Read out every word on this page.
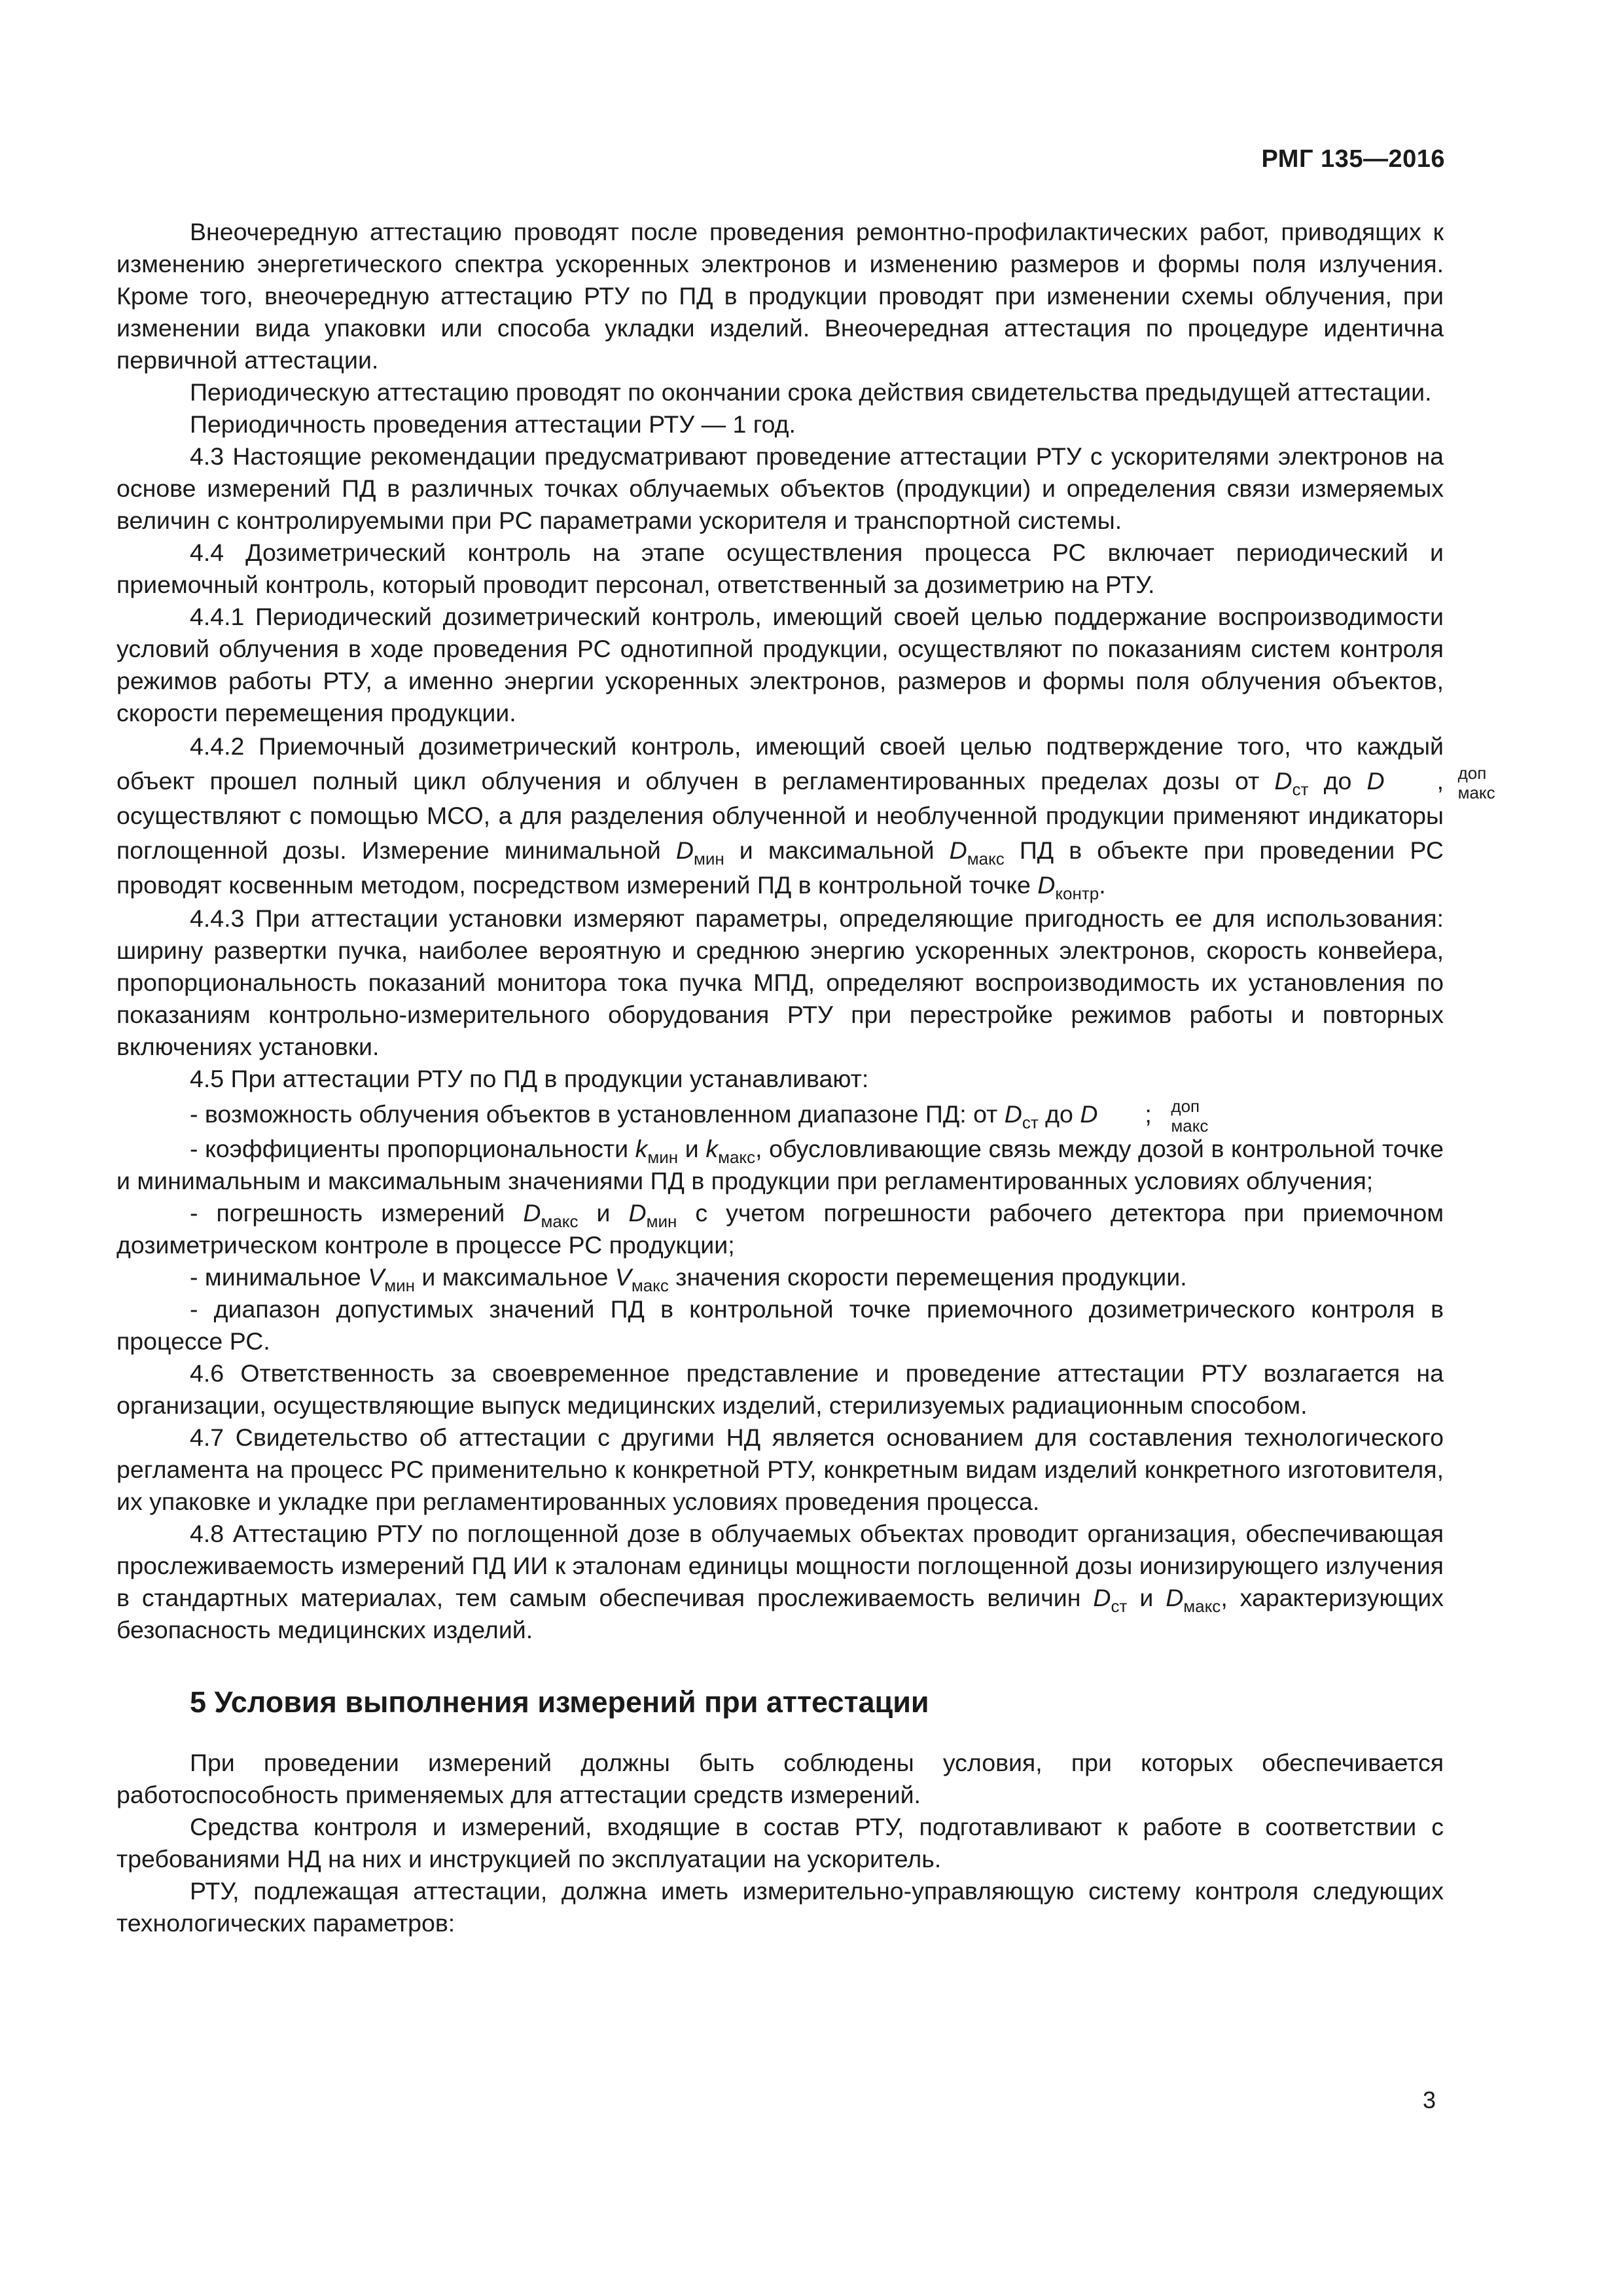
РМГ 135—2016

Внеочередную аттестацию проводят после проведения ремонтно-профилактических работ, приводящих к изменению энергетического спектра ускоренных электронов и изменению размеров и формы поля излучения. Кроме того, внеочередную аттестацию РТУ по ПД в продукции проводят при изменении схемы облучения, при изменении вида упаковки или способа укладки изделий. Внеочередная аттестация по процедуре идентична первичной аттестации.

Периодическую аттестацию проводят по окончании срока действия свидетельства предыдущей аттестации.

Периодичность проведения аттестации РТУ — 1 год.

4.3 Настоящие рекомендации предусматривают проведение аттестации РТУ с ускорителями электронов на основе измерений ПД в различных точках облучаемых объектов (продукции) и определения связи измеряемых величин с контролируемыми при РС параметрами ускорителя и транспортной системы.

4.4 Дозиметрический контроль на этапе осуществления процесса РС включает периодический и приемочный контроль, который проводит персонал, ответственный за дозиметрию на РТУ.

4.4.1 Периодический дозиметрический контроль, имеющий своей целью поддержание воспроизводимости условий облучения в ходе проведения РС однотипной продукции, осуществляют по показаниям систем контроля режимов работы РТУ, а именно энергии ускоренных электронов, размеров и формы поля облучения объектов, скорости перемещения продукции.

4.4.2 Приемочный дозиметрический контроль, имеющий своей целью подтверждение того, что каждый объект прошел полный цикл облучения и облучен в регламентированных пределах дозы от $D_{ст}$ до D	доп
макс
, осуществляют с помощью МСО, а для разделения облученной и необлученной продукции применяют индикаторы поглощенной дозы. Измерение минимальной $D_{мин}$ и максимальной $D_{макс}$ ПД в объекте при проведении РС проводят косвенным методом, посредством измерений ПД в контрольной точке $D_{контр}$.

4.4.3 При аттестации установки измеряют параметры, определяющие пригодность ее для использования: ширину развертки пучка, наиболее вероятную и среднюю энергию ускоренных электронов, скорость конвейера, пропорциональность показаний монитора тока пучка МПД, определяют воспроизводимость их установления по показаниям контрольно-измерительного оборудования РТУ при перестройке режимов работы и повторных включениях установки.

4.5 При аттестации РТУ по ПД в продукции устанавливают:

- возможность облучения объектов в установленном диапазоне ПД: от $D_{ст}$ до D	доп
макс
;

- коэффициенты пропорциональности $k_{мин}$ и $k_{макс}$, обусловливающие связь между дозой в контрольной точке и минимальным и максимальным значениями ПД в продукции при регламентированных условиях облучения;

- погрешность измерений $D_{макс}$ и $D_{мин}$ с учетом погрешности рабочего детектора при приемочном дозиметрическом контроле в процессе РС продукции;

- минимальное $V_{мин}$ и максимальное $V_{макс}$ значения скорости перемещения продукции.

- диапазон допустимых значений ПД в контрольной точке приемочного дозиметрического контроля в процессе РС.

4.6 Ответственность за своевременное представление и проведение аттестации РТУ возлагается на организации, осуществляющие выпуск медицинских изделий, стерилизуемых радиационным способом.

4.7 Свидетельство об аттестации с другими НД является основанием для составления технологического регламента на процесс РС применительно к конкретной РТУ, конкретным видам изделий конкретного изготовителя, их упаковке и укладке при регламентированных условиях проведения процесса.

4.8 Аттестацию РТУ по поглощенной дозе в облучаемых объектах проводит организация, обеспечивающая прослеживаемость измерений ПД ИИ к эталонам единицы мощности поглощенной дозы ионизирующего излучения в стандартных материалах, тем самым обеспечивая прослеживаемость величин $D_{ст}$ и $D_{макс}$, характеризующих безопасность медицинских изделий.

5 Условия выполнения измерений при аттестации

При проведении измерений должны быть соблюдены условия, при которых обеспечивается работоспособность применяемых для аттестации средств измерений.

Средства контроля и измерений, входящие в состав РТУ, подготавливают к работе в соответствии с требованиями НД на них и инструкцией по эксплуатации на ускоритель.

РТУ, подлежащая аттестации, должна иметь измерительно-управляющую систему контроля следующих технологических параметров:

3
